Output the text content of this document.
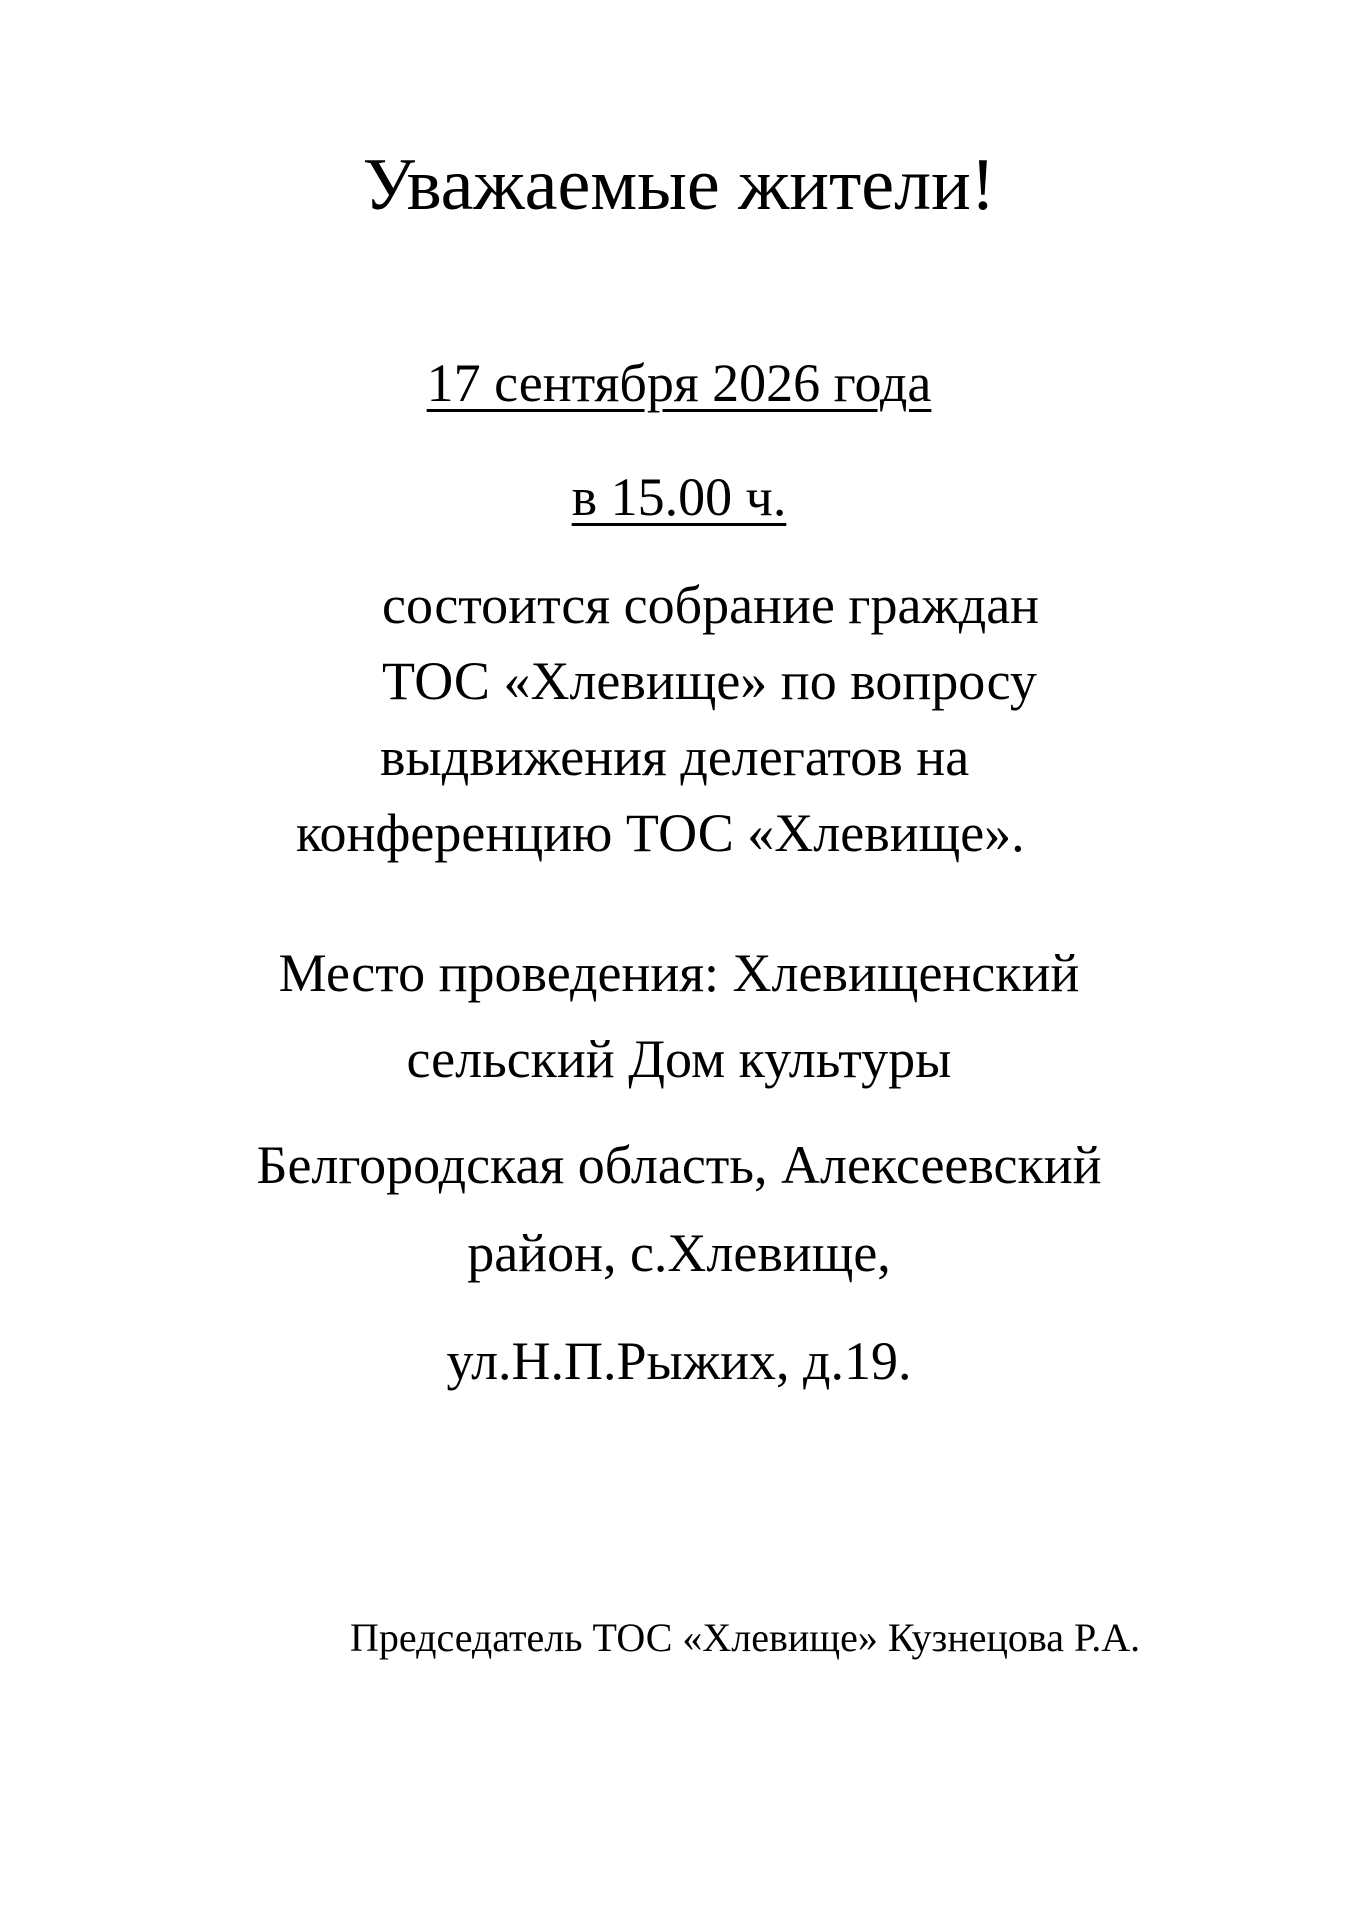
Уважаемые жители!
17 сентября 2026 года
в 15.00 ч.
состоится собрание граждан
ТОС «Хлевище» по вопросу
выдвижения делегатов на
конференцию ТОС «Хлевище».
Место проведения: Хлевищенский
сельский Дом культуры
Белгородская область, Алексеевский
район, с.Хлевище,
ул.Н.П.Рыжих, д.19.
Председатель ТОС «Хлевище» Кузнецова Р.А.
